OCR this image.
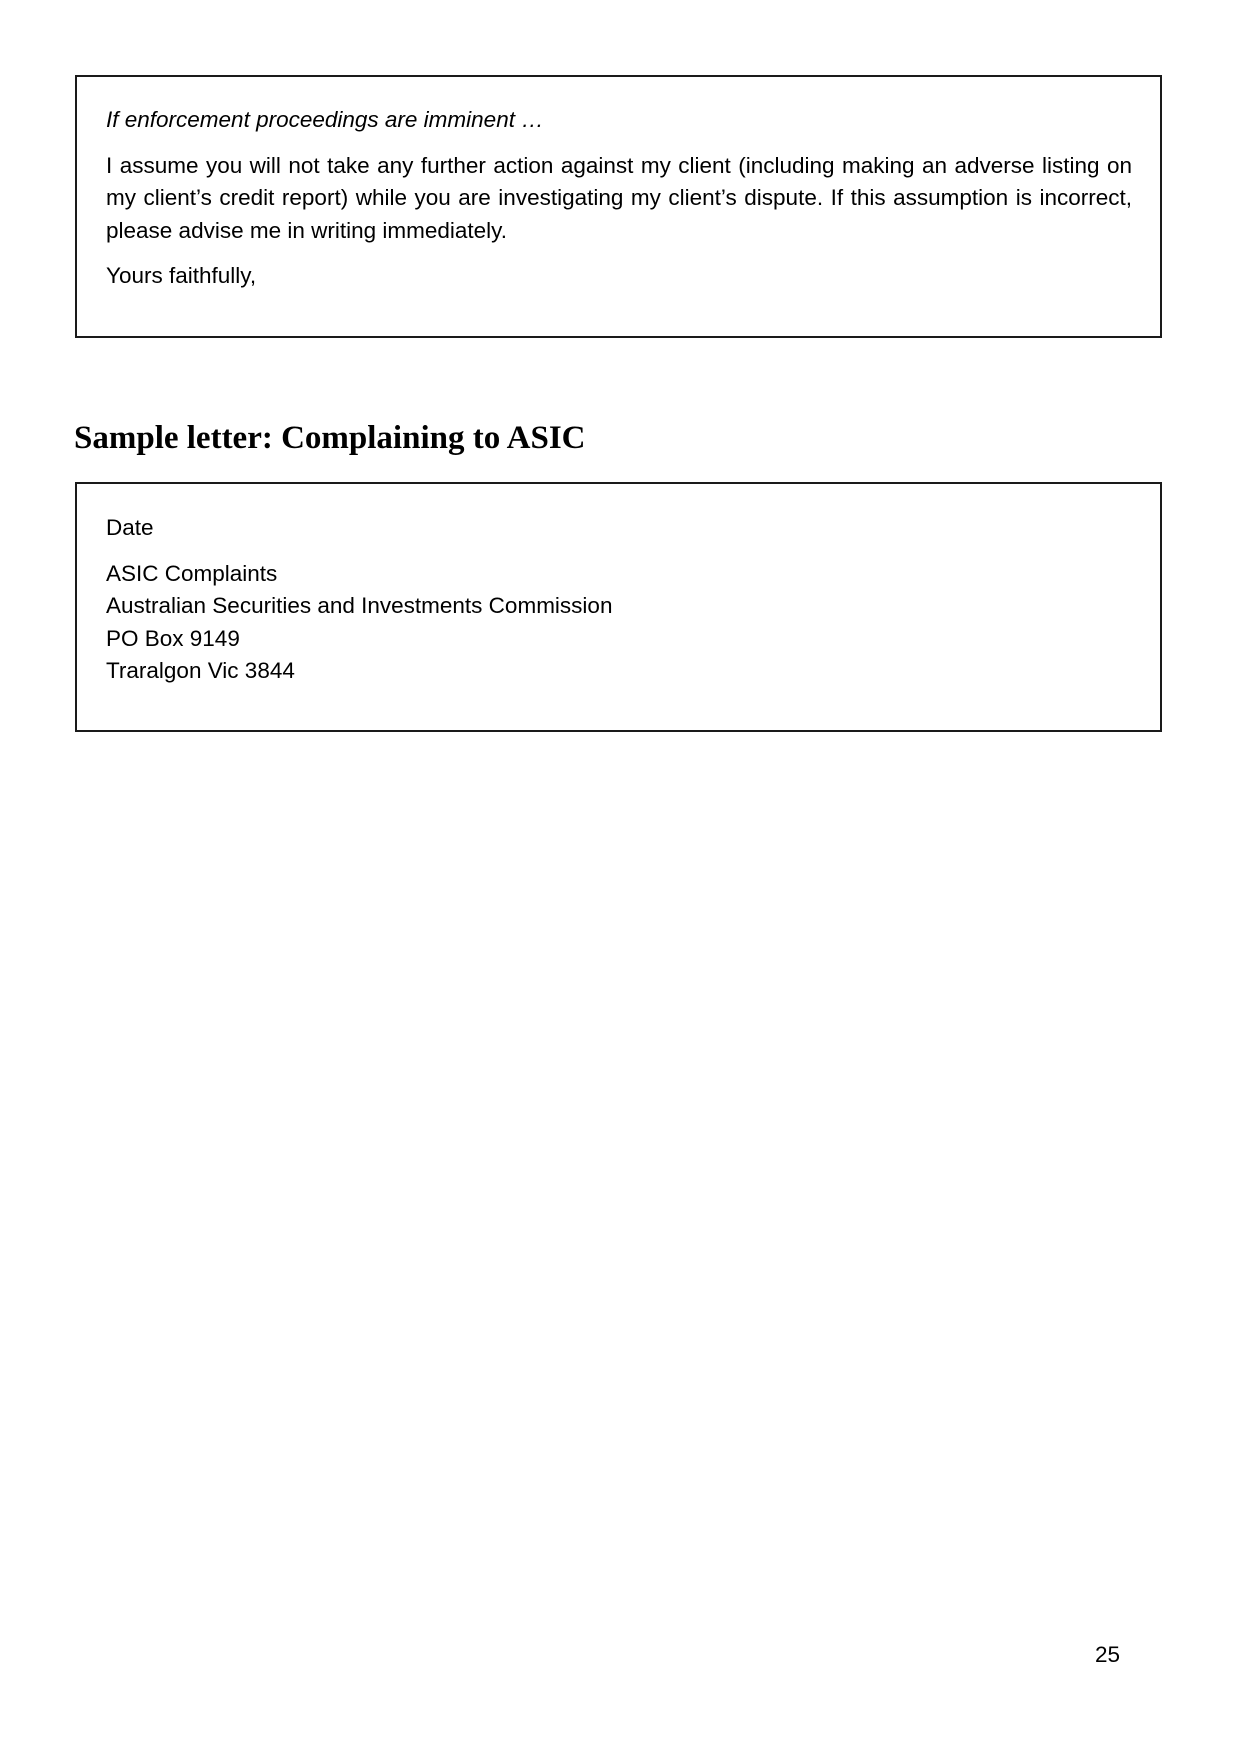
If enforcement proceedings are imminent …

I assume you will not take any further action against my client (including making an adverse listing on my client’s credit report) while you are investigating my client’s dispute. If this assumption is incorrect, please advise me in writing immediately.

Yours faithfully,

Sample letter: Complaining to ASIC

Date

ASIC Complaints
Australian Securities and Investments Commission
PO Box 9149
Traralgon Vic 3844
25
